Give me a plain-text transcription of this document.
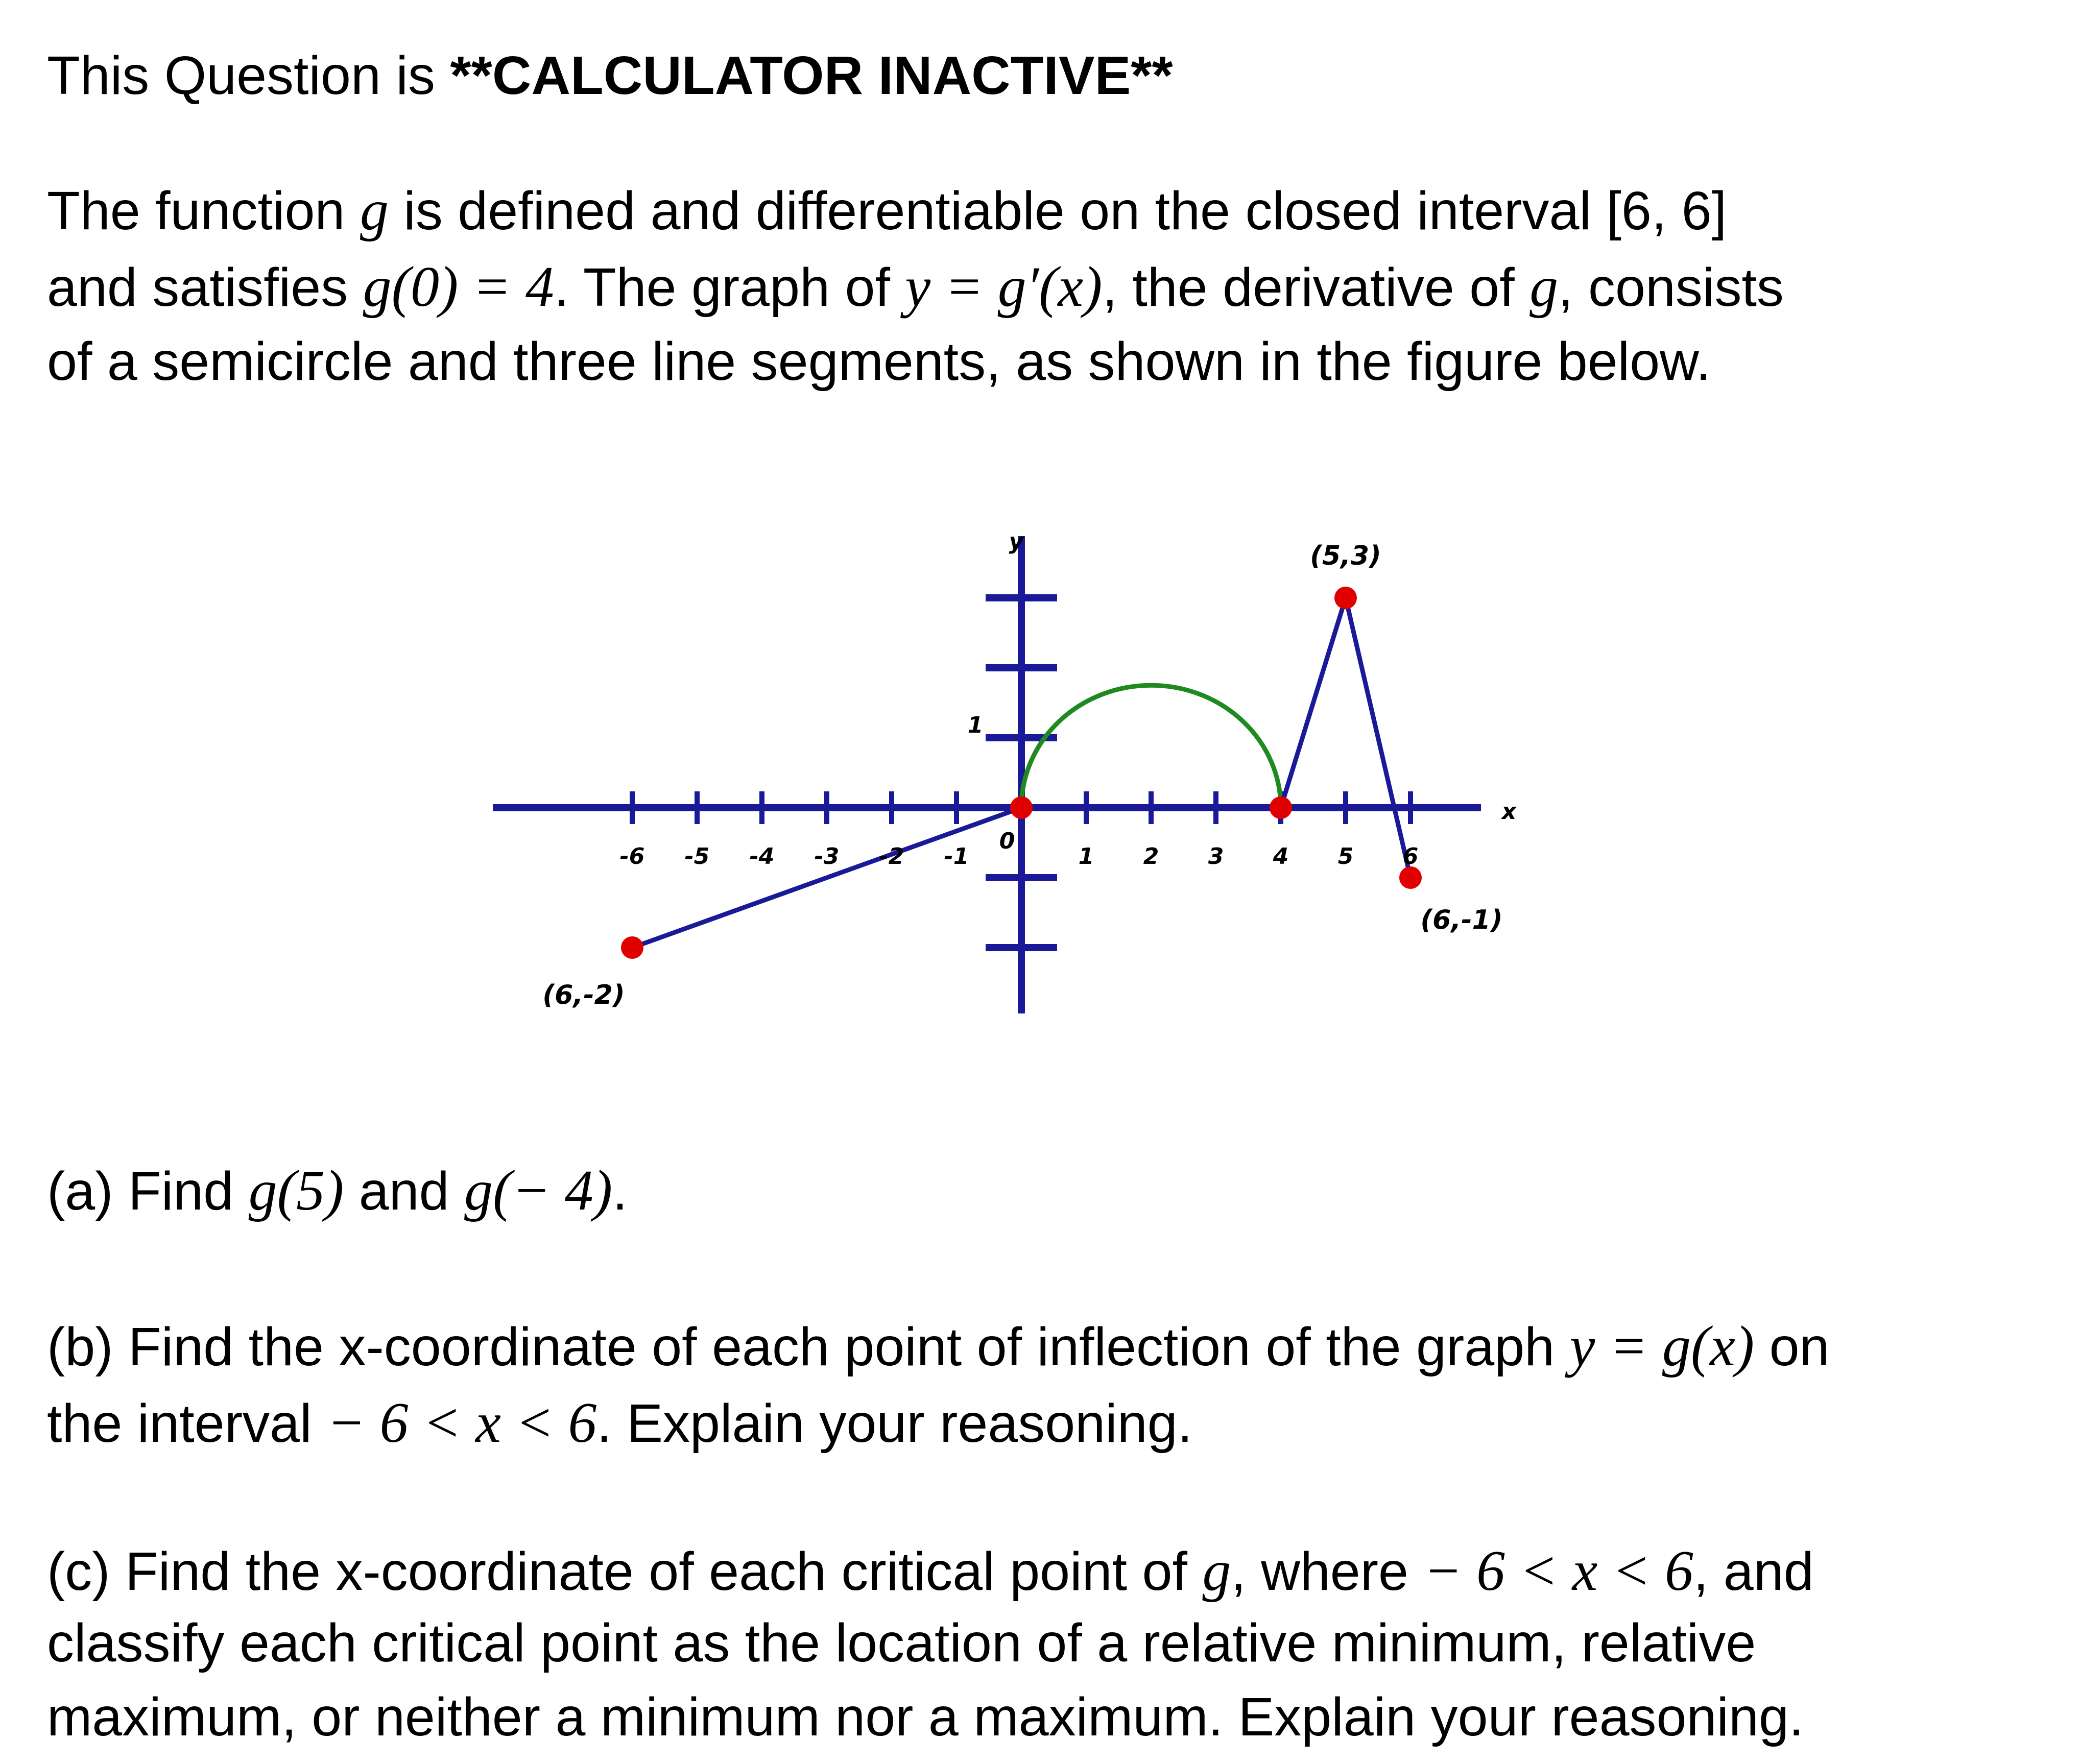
This Question is **CALCULATOR INACTIVE**
The function g is defined and differentiable on the closed interval [6, 6]
and satisfies g(0) = 4. The graph of y = g′(x), the derivative of g, consists
of a semicircle and three line segments, as shown in the figure below.
-6 -5 -4 -3 -2 -1
0
1 2 3 4 5 6
1
x
y
(6,-2)
(5,3)
(6,-1)
(a) Find g(5) and g(− 4).
(b) Find the x-coordinate of each point of inflection of the graph y = g(x) on
the interval − 6 < x < 6. Explain your reasoning.
(c) Find the x-coordinate of each critical point of g, where − 6 < x < 6, and
classify each critical point as the location of a relative minimum, relative
maximum, or neither a minimum nor a maximum. Explain your reasoning.
